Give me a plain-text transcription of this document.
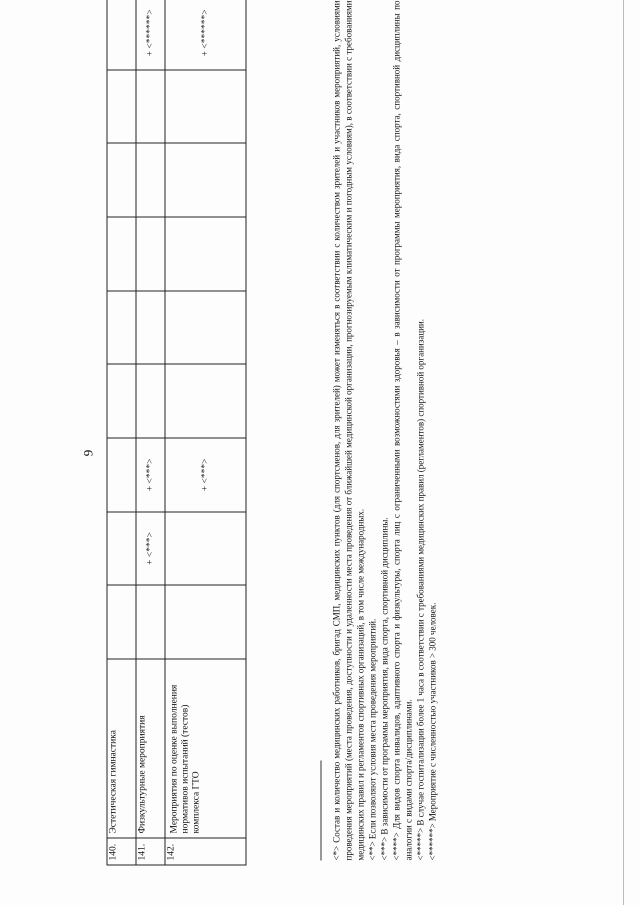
9
140.	Эстетическая гимнастика									
141.	Физкультурные мероприятия		+ <***>	+ <***>						+ <******>
142.	Мероприятия по оценке выполнения нормативов испытаний (тестов) комплекса ГТО			+ <***>						+ <******>	<*> Состав и количество медицинских работников, бригад СМП, медицинских пунктов (для спортсменов, для зрителей) может изменяться в соответствии с количеством зрителей и участников мероприятий, условиями проведения мероприятий (места проведения, доступности и удаленности места проведения от ближайшей медицинской организации, прогнозируемым климатическим и погодным условиям), в соответствии с требованиями медицинских правил и регламентов спортивных организаций, в том числе международных. <**> Если позволяют условия места проведения мероприятий. <***> В зависимости от программы мероприятия, вида спорта, спортивной дисциплины. <****> Для видов спорта инвалидов, адаптивного спорта и физкультуры, спорта лиц с ограниченными возможностями здоровья – в зависимости от программы мероприятия, вида спорта, спортивной дисциплины по аналогии с видами спорта/дисциплинами. <*****> В случае госпитализации более 1 часа в соответствии с требованиями медицинских правил (регламентов) спортивной организации. <******> Мероприятие с численностью участников > 300 человек.
